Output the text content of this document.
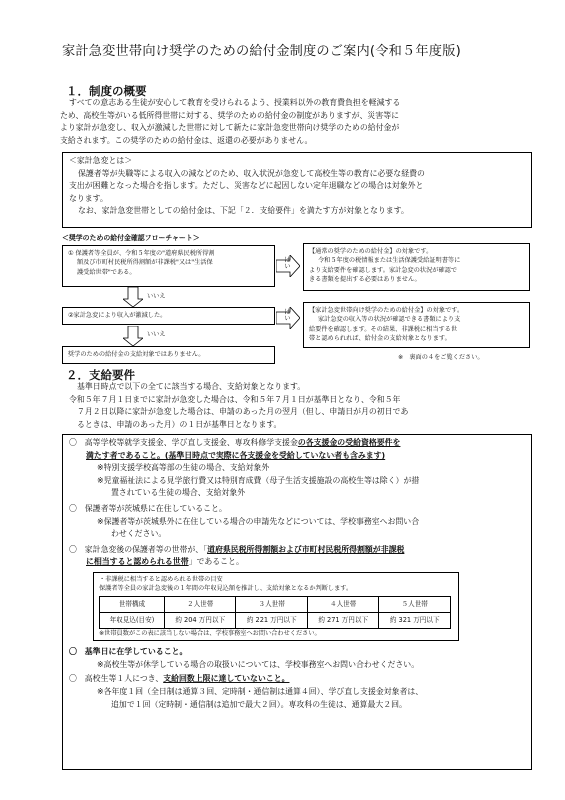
家計急変世帯向け奨学のための給付金制度のご案内(令和５年度版)
１．制度の概要
すべての意志ある生徒が安心して教育を受けられるよう、授業料以外の教育費負担を軽減する
ため、高校生等がいる低所得世帯に対する、奨学のための給付金の制度がありますが、災害等に
より家計が急変し、収入が激減した世帯に対して新たに家計急変世帯向け奨学のための給付金が
支給されます。この奨学のための給付金は、返還の必要がありません。
＜家計急変とは＞
保護者等が失職等による収入の減などのため、収入状況が急変して高校生等の教育に必要な経費の
支出が困難となった場合を指します。ただし、災害などに起因しない定年退職などの場合は対象外と
なります。
なお、家計急変世帯としての給付金は、下記「２．支給要件」を満たす方が対象となります。
＜奨学のための給付金確認フローチャート＞
① 保護者等全員が、令和５年度の"道府県民税所得割
額及び市町村民税所得割額が非課税"又は"生活保
護受給世帯"である。
はい
【通常の奨学のための給付金】の対象です。
令和５年度の税情報または生活保護受給証明書等に
より支給要件を確認します。家計急変の状況が確認で
きる書類を提出する必要はありません。
いいえ
②家計急変により収入が激減した。	はい	【家計急変世帯向け奨学のための給付金】の対象です。
家計急変の収入等の状況が確認できる書類により支
給要件を確認します。その結果、非課税に相当する世
帯と認められれば、給付金の支給対象となります。
いいえ
奨学のための給付金の支給対象ではありません。	※　裏面の４をご覧ください。
２．支給要件
基準日時点で以下の全てに該当する場合、支給対象となります。
令和５年７月１日までに家計が急変した場合は、令和５年７月１日が基準日となり、令和５年
７月２日以降に家計が急変した場合は、申請のあった月の翌月（但し、申請日が月の初日であ
るときは、申請のあった月）の１日が基準日となります。
〇　高等学校等就学支援金、学び直し支援金、専攻科修学支援金の各支援金の受給資格要件を
満たす者であること。(基準日時点で実際に各支援金を受給していない者も含みます)
※特別支援学校高等部の生徒の場合、支給対象外
※児童福祉法による見学旅行費又は特別育成費（母子生活支援施設の高校生等は除く）が措
置されている生徒の場合、支給対象外
〇　保護者等が茨城県に在住していること。
※保護者等が茨城県外に在住している場合の申請先などについては、学校事務室へお問い合
わせください。
〇　家計急変後の保護者等の世帯が、「道府県民税所得割額および市町村民税所得割額が非課税
に相当すると認められる世帯」であること。
・非課税に相当すると認められる世帯の目安
保護者等全員の家計急変後の１年間の年収見込額を推計し、支給対象となるか判断します。
世帯構成	２人世帯	３人世帯	４人世帯	５人世帯
年収見込(目安)	約 204 万円以下	約 221 万円以下	約 271 万円以下	約 321 万円以下
※世帯員数がこの表に該当しない場合は、学校事務室へお問い合わせください。
〇　基準日に在学していること。
※高校生等が休学している場合の取扱いについては、学校事務室へお問い合わせください。
〇　高校生等１人につき、支給回数上限に達していないこと。
※各年度１回（全日制は通算３回、定時制・通信制は通算４回）、学び直し支援金対象者は、
追加で１回（定時制・通信制は追加で最大２回）。専攻科の生徒は、通算最大２回。
